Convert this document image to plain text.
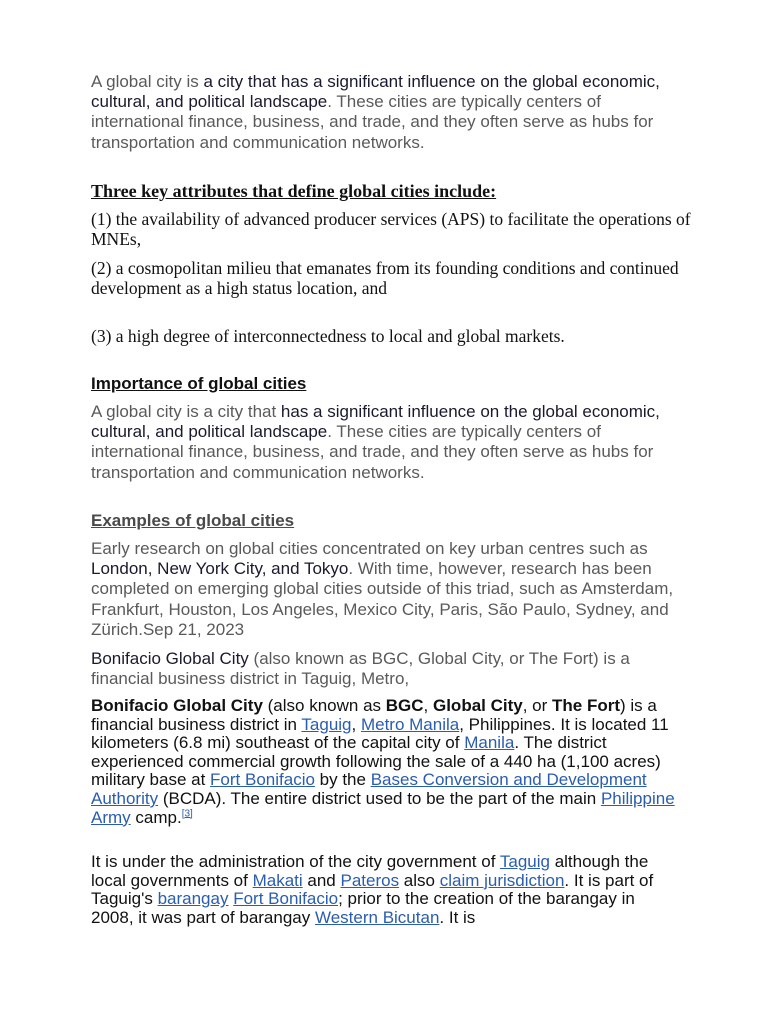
A global city is a city that has a significant influence on the global economic, cultural, and political landscape. These cities are typically centers of international finance, business, and trade, and they often serve as hubs for transportation and communication networks.

Three key attributes that define global cities include:

(1) the availability of advanced producer services (APS) to facilitate the operations of MNEs,

(2) a cosmopolitan milieu that emanates from its founding conditions and continued development as a high status location, and

(3) a high degree of interconnectedness to local and global markets.

Importance of global cities

A global city is a city that has a significant influence on the global economic, cultural, and political landscape. These cities are typically centers of international finance, business, and trade, and they often serve as hubs for transportation and communication networks.

Examples of global cities

Early research on global cities concentrated on key urban centres such as London, New York City, and Tokyo. With time, however, research has been completed on emerging global cities outside of this triad, such as Amsterdam, Frankfurt, Houston, Los Angeles, Mexico City, Paris, São Paulo, Sydney, and Zürich.Sep 21, 2023

Bonifacio Global City (also known as BGC, Global City, or The Fort) is a financial business district in Taguig, Metro,

Bonifacio Global City (also known as BGC, Global City, or The Fort) is a financial business district in Taguig, Metro Manila, Philippines. It is located 11 kilometers (6.8 mi) southeast of the capital city of Manila. The district experienced commercial growth following the sale of a 440 ha (1,100 acres) military base at Fort Bonifacio by the Bases Conversion and Development Authority (BCDA). The entire district used to be the part of the main Philippine Army camp.[3]

It is under the administration of the city government of Taguig although the local governments of Makati and Pateros also claim jurisdiction. It is part of Taguig's barangay Fort Bonifacio; prior to the creation of the barangay in 2008, it was part of barangay Western Bicutan. It is
